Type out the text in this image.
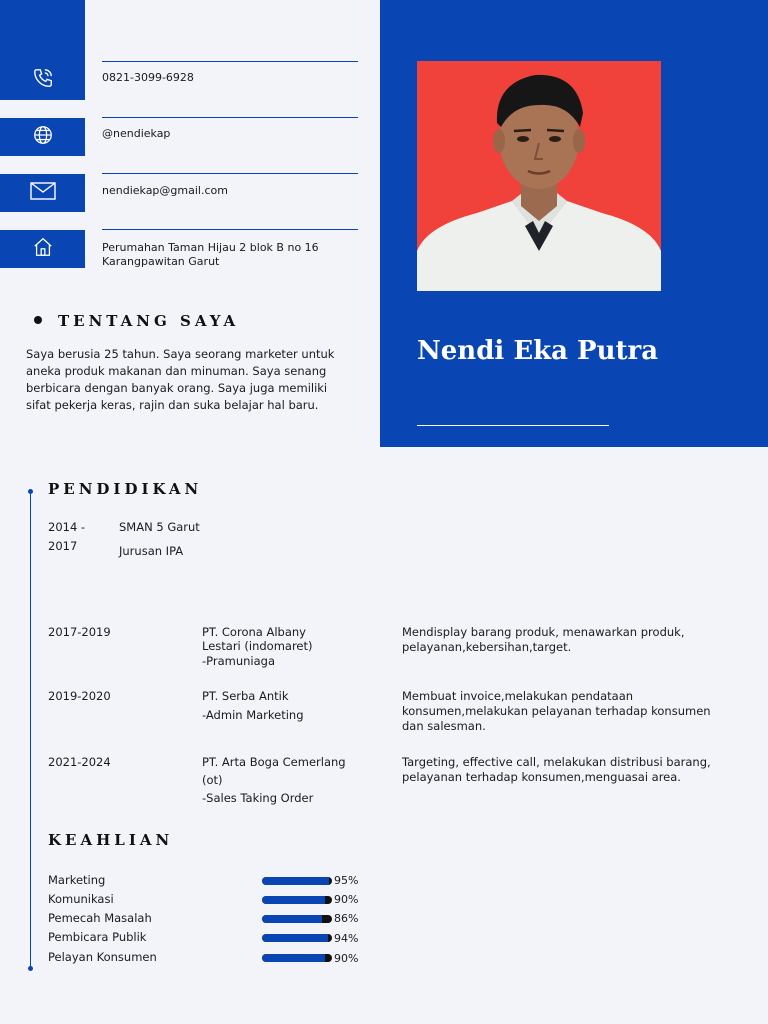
Nendi Eka Putra
0821-3099-6928
@nendiekap
nendiekap@gmail.com
Perumahan Taman Hijau 2 blok B no 16
Karangpawitan Garut
TENTANG SAYA
Saya berusia 25 tahun. Saya seorang marketer untuk aneka produk makanan dan minuman. Saya senang berbicara dengan banyak orang. Saya juga memiliki sifat pekerja keras, rajin dan suka belajar hal baru.
PENDIDIKAN
2014 -
2017
SMAN 5 Garut
Jurusan IPA
2017-2019	PT. Corona Albany
Lestari (indomaret)
-Pramuniaga
Mendisplay barang produk, menawarkan produk, pelayanan,kebersihan,target.
2019-2020	PT. Serba Antik
-Admin Marketing
Membuat invoice,melakukan pendataan konsumen,melakukan pelayanan terhadap konsumen dan salesman.
2021-2024	PT. Arta Boga Cemerlang
(ot)
-Sales Taking Order
Targeting, effective call, melakukan distribusi barang, pelayanan terhadap konsumen,menguasai area.
KEAHLIAN
Marketing	95%
Komunikasi	90%
Pemecah Masalah	86%
Pembicara Publik	94%
Pelayan Konsumen	90%
